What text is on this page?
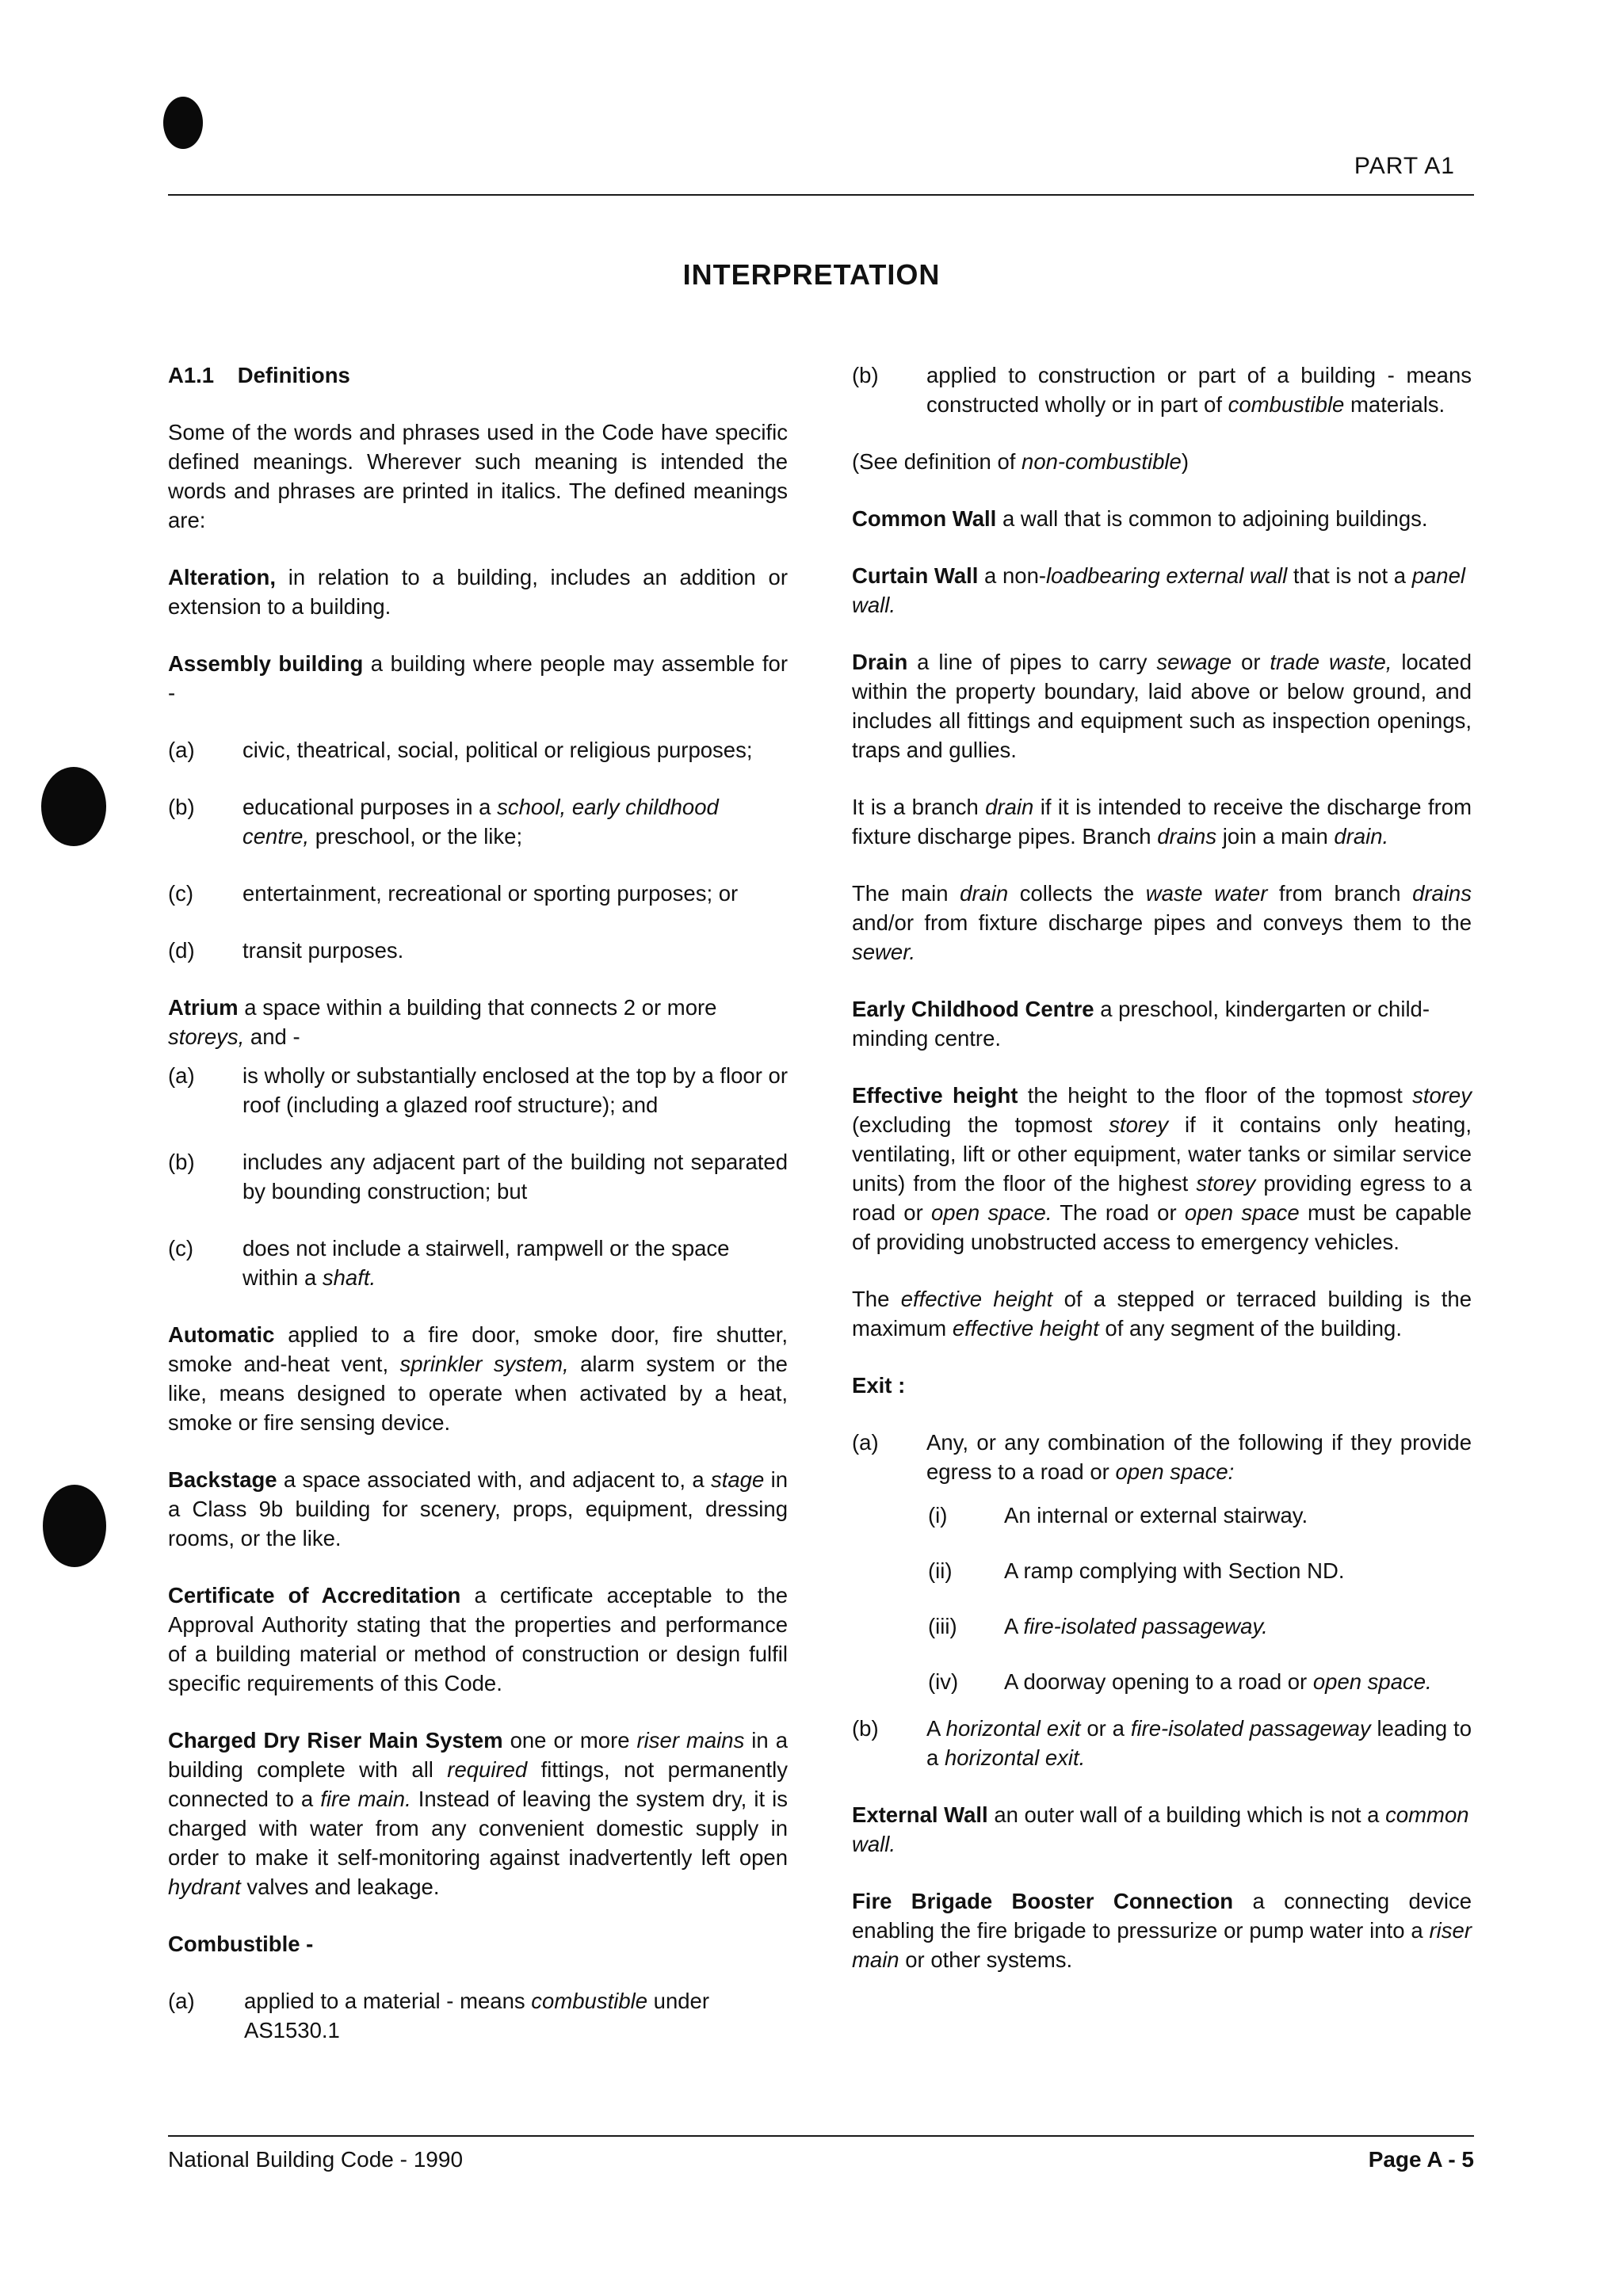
PART A1
INTERPRETATION

A1.1 Definitions

Some of the words and phrases used in the Code have specific defined meanings. Wherever such meaning is intended the words and phrases are printed in italics. The defined meanings are:

Alteration, in relation to a building, includes an addition or extension to a building.

Assembly building a building where people may assemble for -

(a)	civic, theatrical, social, political or religious purposes;
(b)	educational purposes in a school, early childhood centre, preschool, or the like;
(c)	entertainment, recreational or sporting purposes; or
(d)	transit purposes.

Atrium a space within a building that connects 2 or more storeys, and -

(a)	is wholly or substantially enclosed at the top by a floor or roof (including a glazed roof structure); and
(b)	includes any adjacent part of the building not separated by bounding construction; but
(c)	does not include a stairwell, rampwell or the space within a shaft.

Automatic applied to a fire door, smoke door, fire shutter, smoke and-heat vent, sprinkler system, alarm system or the like, means designed to operate when activated by a heat, smoke or fire sensing device.

Backstage a space associated with, and adjacent to, a stage in a Class 9b building for scenery, props, equipment, dressing rooms, or the like.

Certificate of Accreditation a certificate acceptable to the Approval Authority stating that the properties and performance of a building material or method of construction or design fulfil specific requirements of this Code.

Charged Dry Riser Main System one or more riser mains in a building complete with all required fittings, not permanently connected to a fire main. Instead of leaving the system dry, it is charged with water from any convenient domestic supply in order to make it self-monitoring against inadvertently left open hydrant valves and leakage.

Combustible -

(a)	applied to a material - means combustible under AS1530.1
(b)	applied to construction or part of a building - means constructed wholly or in part of combustible materials.

(See definition of non-combustible)

Common Wall a wall that is common to adjoining buildings.

Curtain Wall a non-loadbearing external wall that is not a panel wall.

Drain a line of pipes to carry sewage or trade waste, located within the property boundary, laid above or below ground, and includes all fittings and equipment such as inspection openings, traps and gullies.

It is a branch drain if it is intended to receive the discharge from fixture discharge pipes. Branch drains join a main drain.

The main drain collects the waste water from branch drains and/or from fixture discharge pipes and conveys them to the sewer.

Early Childhood Centre a preschool, kindergarten or child-minding centre.

Effective height the height to the floor of the topmost storey (excluding the topmost storey if it contains only heating, ventilating, lift or other equipment, water tanks or similar service units) from the floor of the highest storey providing egress to a road or open space. The road or open space must be capable of providing unobstructed access to emergency vehicles.

The effective height of a stepped or terraced building is the maximum effective height of any segment of the building.

Exit :

(a)	Any, or any combination of the following if they provide egress to a road or open space:
(i)	An internal or external stairway.
(ii)	A ramp complying with Section ND.
(iii)	A fire-isolated passageway.
(iv)	A doorway opening to a road or open space.
(b)	A horizontal exit or a fire-isolated passageway leading to a horizontal exit.

External Wall an outer wall of a building which is not a common wall.

Fire Brigade Booster Connection a connecting device enabling the fire brigade to pressurize or pump water into a riser main or other systems.

National Building Code - 1990	Page A - 5
